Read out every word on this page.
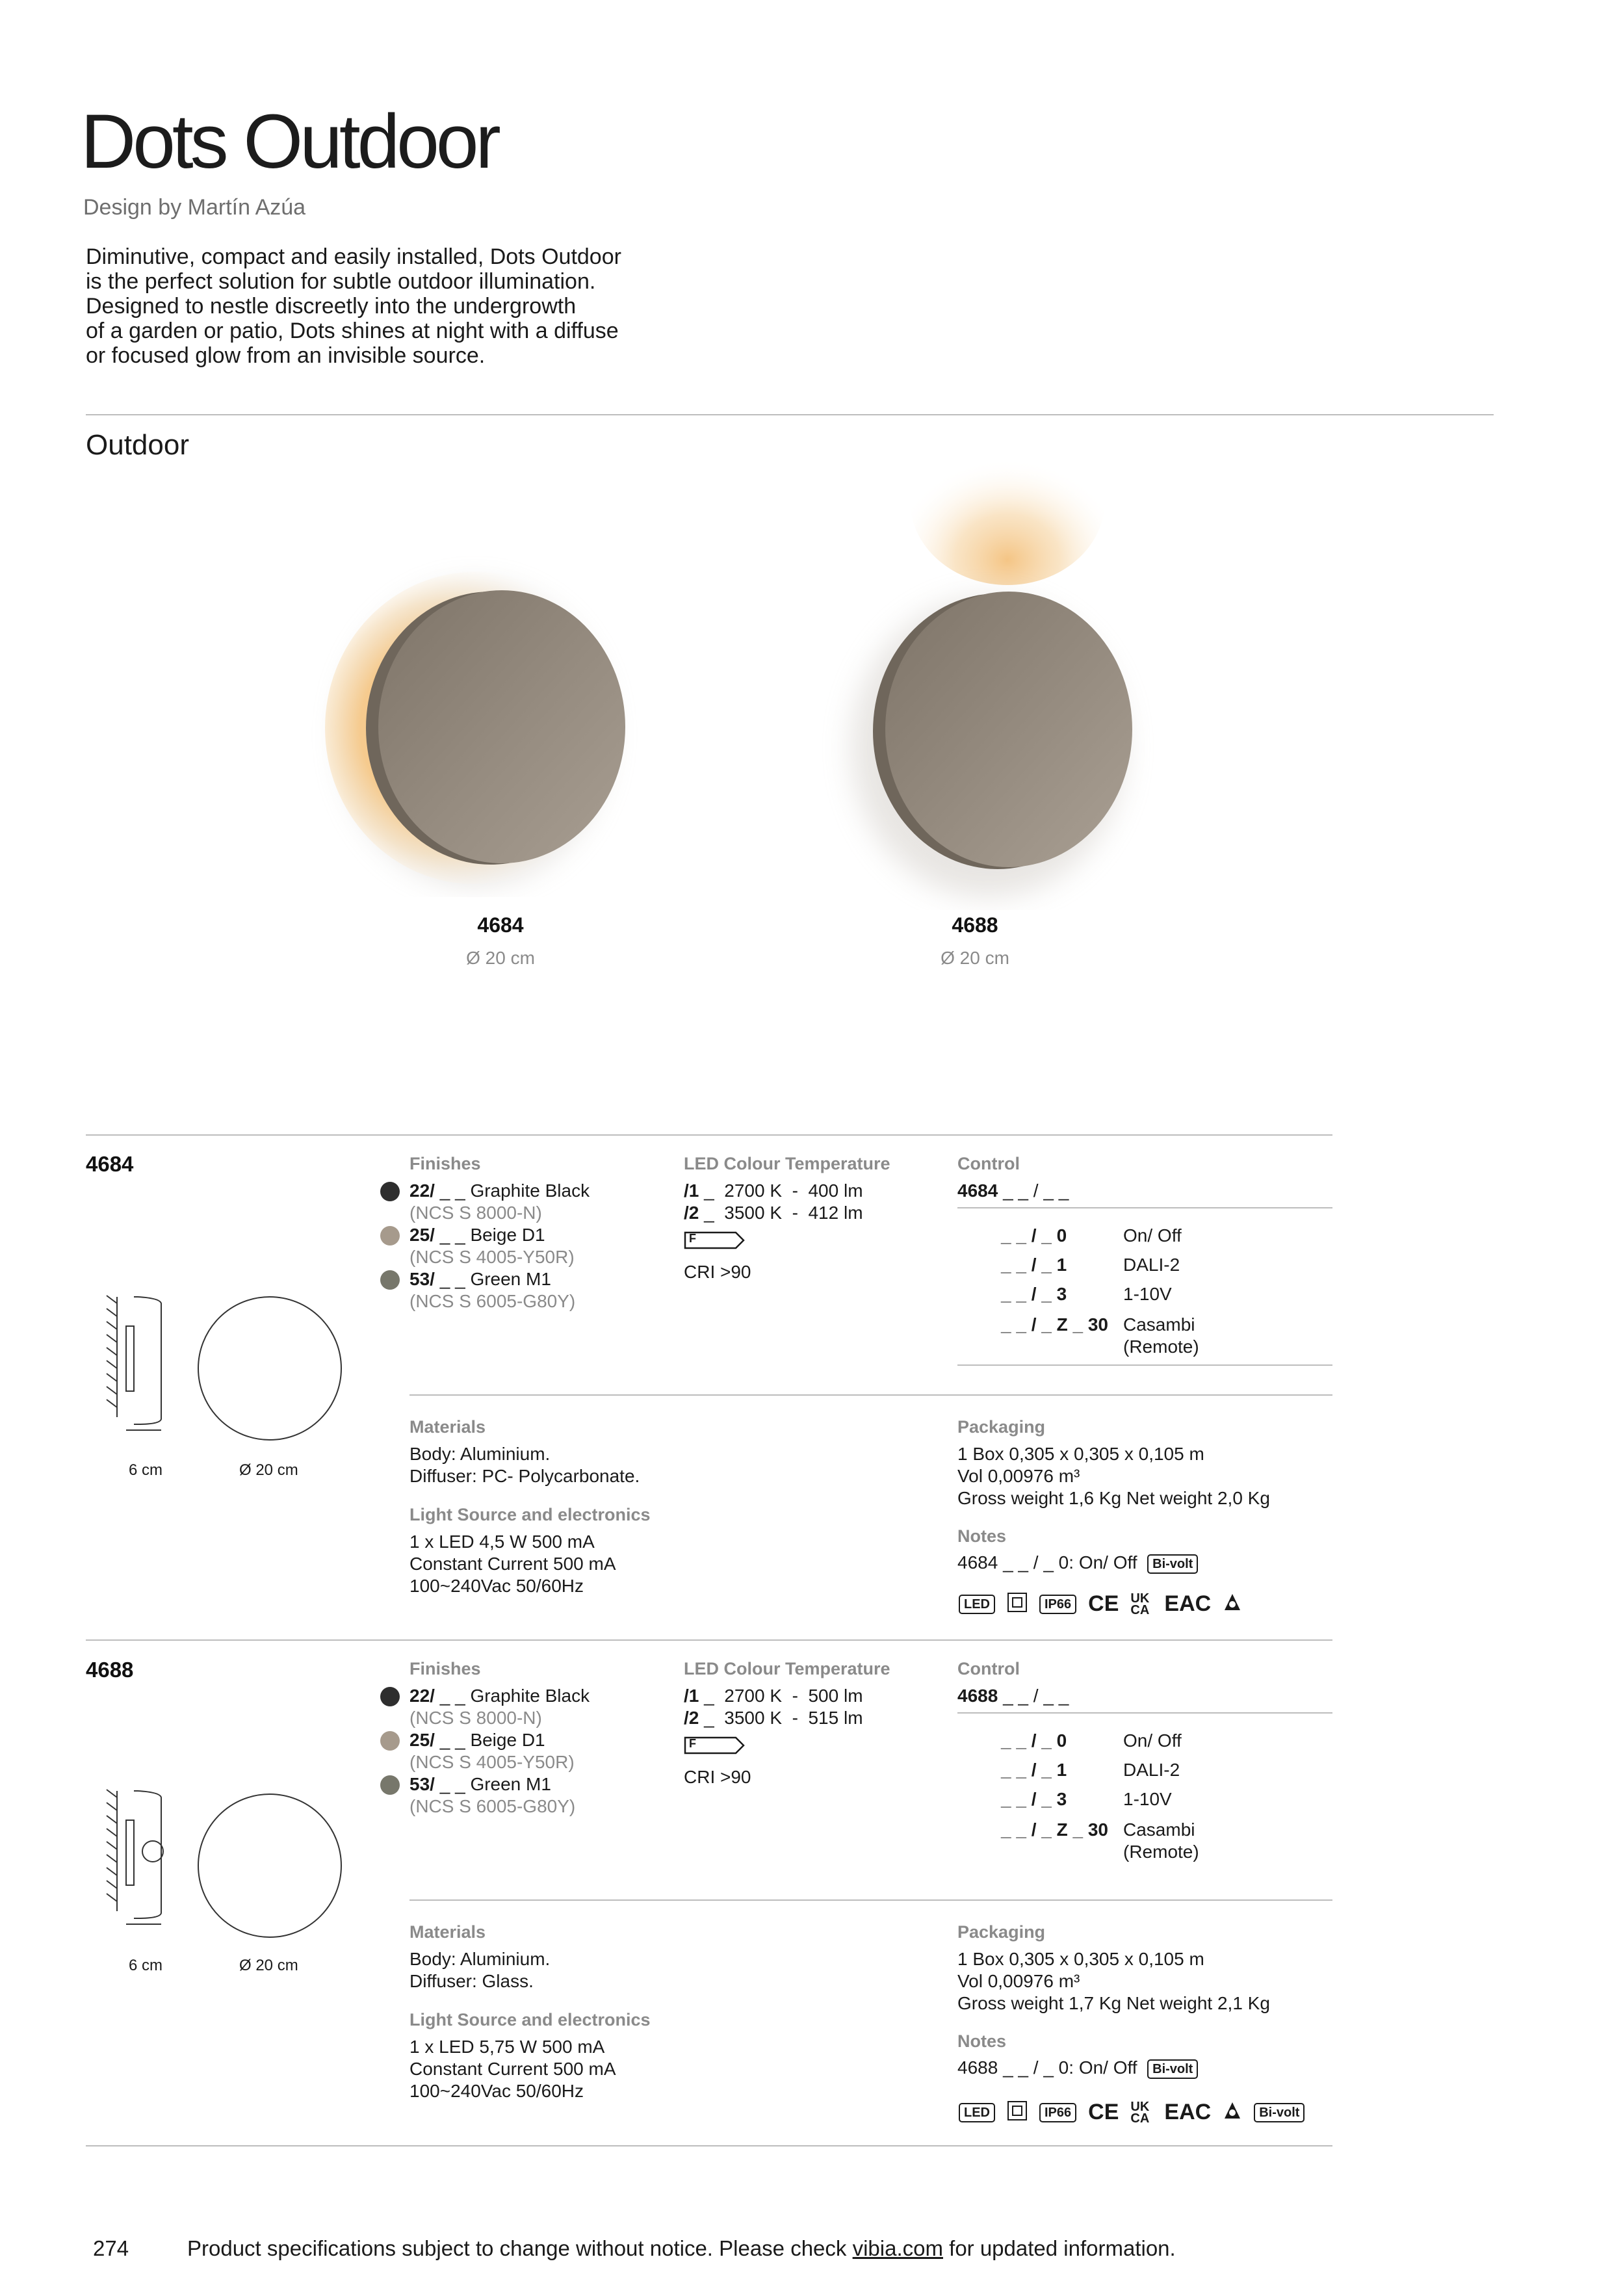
Dots Outdoor
Design by Martín Azúa
Diminutive, compact and easily installed, Dots Outdoor
is the perfect solution for subtle outdoor illumination.
Designed to nestle discreetly into the undergrowth
of a garden or patio, Dots shines at night with a diffuse
or focused glow from an invisible source.
Outdoor
4684
Ø 20 cm
4688
Ø 20 cm
4684
6 cm	Ø 20 cm
Finishes
22/ _ _ Graphite Black
(NCS S 8000-N)
25/ _ _ Beige D1
(NCS S 4005-Y50R)
53/ _ _ Green M1
(NCS S 6005-G80Y)
LED Colour Temperature
/1 _ 2700 K - 400 lm
/2 _ 3500 K - 412 lm
F
CRI >90
Control
4684 _ _ / _ _
_ _ / _ 0	On/ Off
_ _ / _ 1	DALI-2
_ _ / _ 3	1-10V
_ _ / _ Z _ 30 Casambi
(Remote)
Materials
Body: Aluminium.
Diffuser: PC- Polycarbonate.
Light Source and electronics
1 x LED 4,5 W 500 mA
Constant Current 500 mA
100~240Vac 50/60Hz
Packaging
1 Box 0,305 x 0,305 x 0,105 m
Vol 0,00976 m³
Gross weight 1,6 Kg Net weight 2,0 Kg
Notes
4684 _ _ / _ 0: On/ Off Bi-volt
LED	IP66 CE UK CA EAC
4688
6 cm	Ø 20 cm
Finishes
22/ _ _ Graphite Black
(NCS S 8000-N)
25/ _ _ Beige D1
(NCS S 4005-Y50R)
53/ _ _ Green M1
(NCS S 6005-G80Y)
LED Colour Temperature
/1 _ 2700 K - 500 lm
/2 _ 3500 K - 515 lm
F
CRI >90
Control
4688 _ _ / _ _
_ _ / _ 0	On/ Off
_ _ / _ 1	DALI-2
_ _ / _ 3	1-10V
_ _ / _ Z _ 30 Casambi
(Remote)
Materials
Body: Aluminium.
Diffuser: Glass.
Light Source and electronics
1 x LED 5,75 W 500 mA
Constant Current 500 mA
100~240Vac 50/60Hz
Packaging
1 Box 0,305 x 0,305 x 0,105 m
Vol 0,00976 m³
Gross weight 1,7 Kg Net weight 2,1 Kg
Notes
4688 _ _ / _ 0: On/ Off Bi-volt
LED	IP66 CE UK CA EAC	Bi-volt
274	Product specifications subject to change without notice. Please check vibia.com for updated information.
